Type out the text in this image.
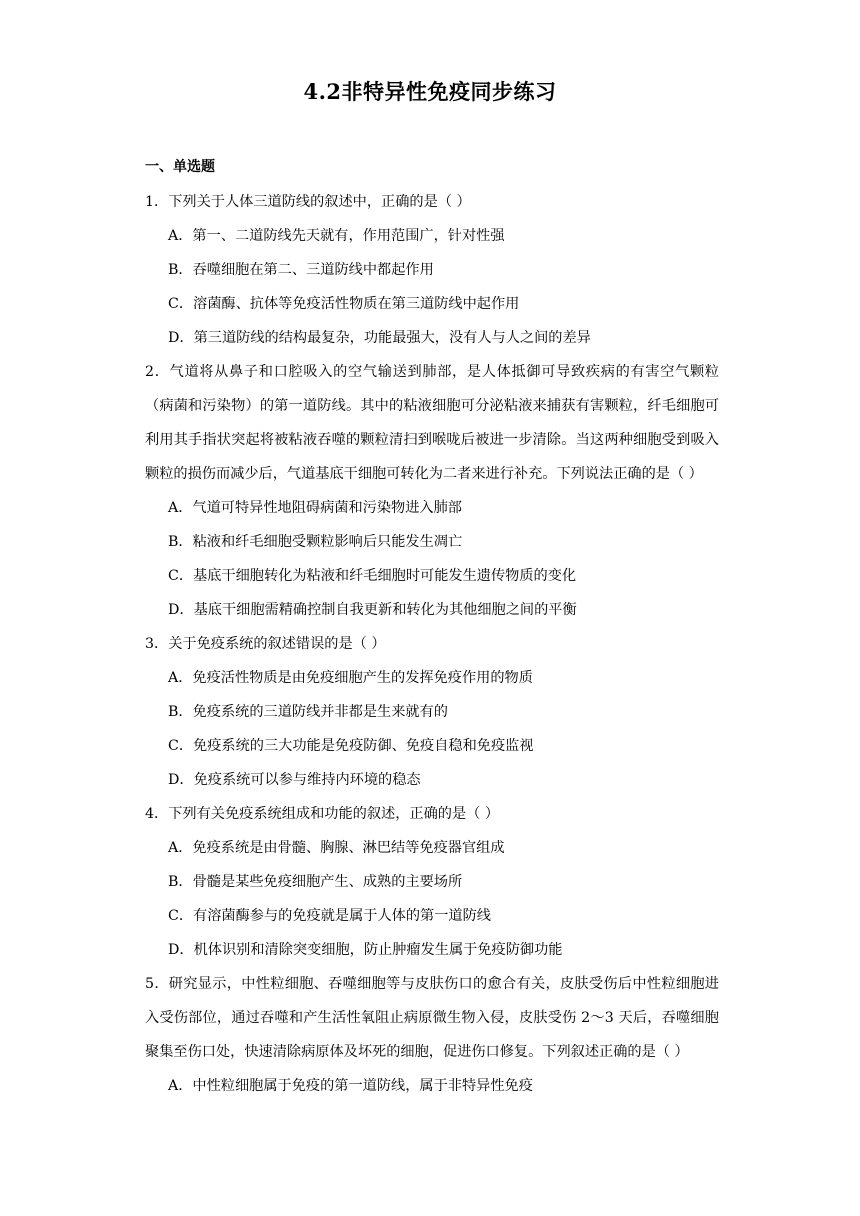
4.2非特异性免疫同步练习
一、单选题

1．下列关于人体三道防线的叙述中，正确的是（ ）

A．第一、二道防线先天就有，作用范围广，针对性强

B．吞噬细胞在第二、三道防线中都起作用

C．溶菌酶、抗体等免疫活性物质在第三道防线中起作用

D．第三道防线的结构最复杂，功能最强大，没有人与人之间的差异

2．气道将从鼻子和口腔吸入的空气输送到肺部，是人体抵御可导致疾病的有害空气颗粒（病菌和污染物）的第一道防线。其中的粘液细胞可分泌粘液来捕获有害颗粒，纤毛细胞可利用其手指状突起将被粘液吞噬的颗粒清扫到喉咙后被进一步清除。当这两种细胞受到吸入颗粒的损伤而减少后，气道基底干细胞可转化为二者来进行补充。下列说法正确的是（ ）

A．气道可特异性地阻碍病菌和污染物进入肺部

B．粘液和纤毛细胞受颗粒影响后只能发生凋亡

C．基底干细胞转化为粘液和纤毛细胞时可能发生遗传物质的变化

D．基底干细胞需精确控制自我更新和转化为其他细胞之间的平衡

3．关于免疫系统的叙述错误的是（ ）

A．免疫活性物质是由免疫细胞产生的发挥免疫作用的物质

B．免疫系统的三道防线并非都是生来就有的

C．免疫系统的三大功能是免疫防御、免疫自稳和免疫监视

D．免疫系统可以参与维持内环境的稳态

4．下列有关免疫系统组成和功能的叙述，正确的是（ ）

A．免疫系统是由骨髓、胸腺、淋巴结等免疫器官组成

B．骨髓是某些免疫细胞产生、成熟的主要场所

C．有溶菌酶参与的免疫就是属于人体的第一道防线

D．机体识别和清除突变细胞，防止肿瘤发生属于免疫防御功能

5．研究显示，中性粒细胞、吞噬细胞等与皮肤伤口的愈合有关，皮肤受伤后中性粒细胞进入受伤部位，通过吞噬和产生活性氧阻止病原微生物入侵，皮肤受伤 2～3 天后，吞噬细胞聚集至伤口处，快速清除病原体及坏死的细胞，促进伤口修复。下列叙述正确的是（ ）

A．中性粒细胞属于免疫的第一道防线，属于非特异性免疫
